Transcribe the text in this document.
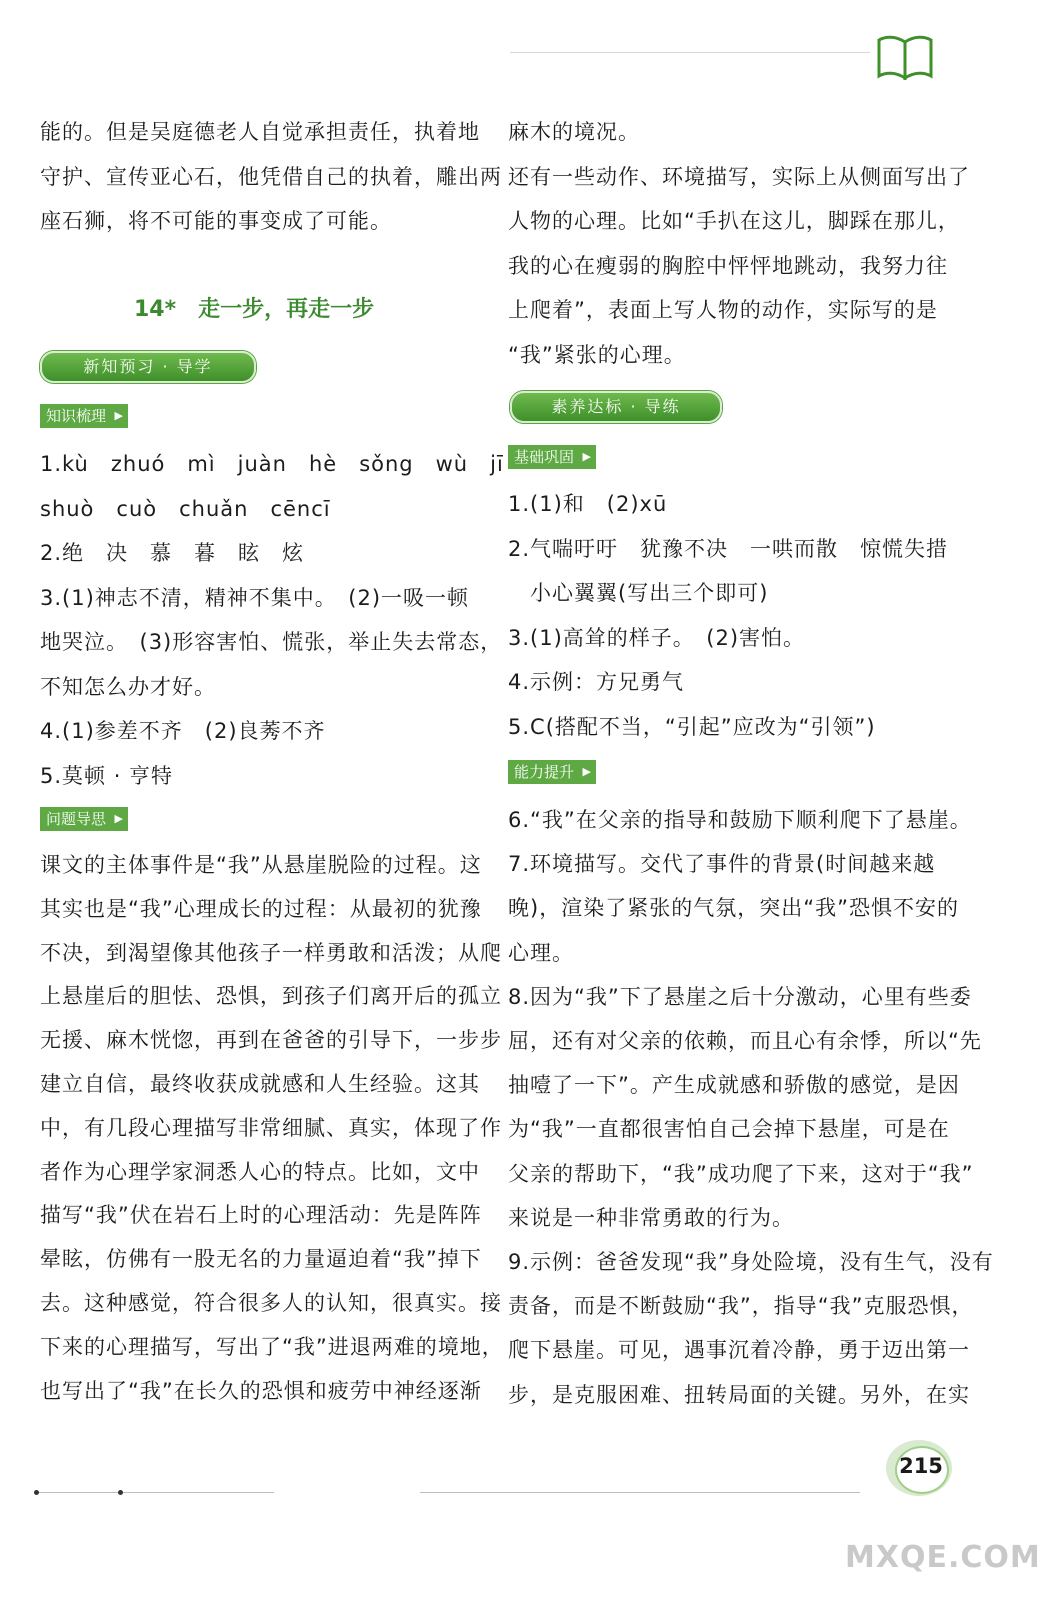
能的。但是吴庭德老人自觉承担责任，执着地
守护、宣传亚心石，他凭借自己的执着，雕出两
座石狮，将不可能的事变成了可能。
14*　走一步，再走一步
新知预习 · 导学
知识梳理 ▶
1.kù　zhuó　mì　juàn　hè　sǒng　wù　jī
shuò　cuò　chuǎn　cēncī
2.绝　决　慕　暮　眩　炫
3.(1)神志不清，精神不集中。　(2)一吸一顿
地哭泣。　(3)形容害怕、慌张，举止失去常态，
不知怎么办才好。
4.(1)参差不齐　(2)良莠不齐
5.莫顿 · 亨特
问题导思 ▶
课文的主体事件是“我”从悬崖脱险的过程。这
其实也是“我”心理成长的过程：从最初的犹豫
不决，到渴望像其他孩子一样勇敢和活泼；从爬
上悬崖后的胆怯、恐惧，到孩子们离开后的孤立
无援、麻木恍惚，再到在爸爸的引导下，一步步
建立自信，最终收获成就感和人生经验。这其
中，有几段心理描写非常细腻、真实，体现了作
者作为心理学家洞悉人心的特点。比如，文中
描写“我”伏在岩石上时的心理活动：先是阵阵
晕眩，仿佛有一股无名的力量逼迫着“我”掉下
去。这种感觉，符合很多人的认知，很真实。接
下来的心理描写，写出了“我”进退两难的境地，
也写出了“我”在长久的恐惧和疲劳中神经逐渐
麻木的境况。
还有一些动作、环境描写，实际上从侧面写出了
人物的心理。比如“手扒在这儿，脚踩在那儿，
我的心在瘦弱的胸腔中怦怦地跳动，我努力往
上爬着”，表面上写人物的动作，实际写的是
“我”紧张的心理。
素养达标 · 导练
基础巩固 ▶
1.(1)和　(2)xū
2.气喘吁吁　犹豫不决　一哄而散　惊慌失措
　小心翼翼(写出三个即可)
3.(1)高耸的样子。　(2)害怕。
4.示例：方兄勇气
5.C(搭配不当，“引起”应改为“引领”)
能力提升 ▶
6.“我”在父亲的指导和鼓励下顺利爬下了悬崖。
7.环境描写。交代了事件的背景(时间越来越
晚)，渲染了紧张的气氛，突出“我”恐惧不安的
心理。
8.因为“我”下了悬崖之后十分激动，心里有些委
屈，还有对父亲的依赖，而且心有余悸，所以“先
抽噎了一下”。产生成就感和骄傲的感觉，是因
为“我”一直都很害怕自己会掉下悬崖，可是在
父亲的帮助下，“我”成功爬了下来，这对于“我”
来说是一种非常勇敢的行为。
9.示例：爸爸发现“我”身处险境，没有生气，没有
责备，而是不断鼓励“我”，指导“我”克服恐惧，
爬下悬崖。可见，遇事沉着冷静，勇于迈出第一
步，是克服困难、扭转局面的关键。另外，在实
215
MXQE.COM
